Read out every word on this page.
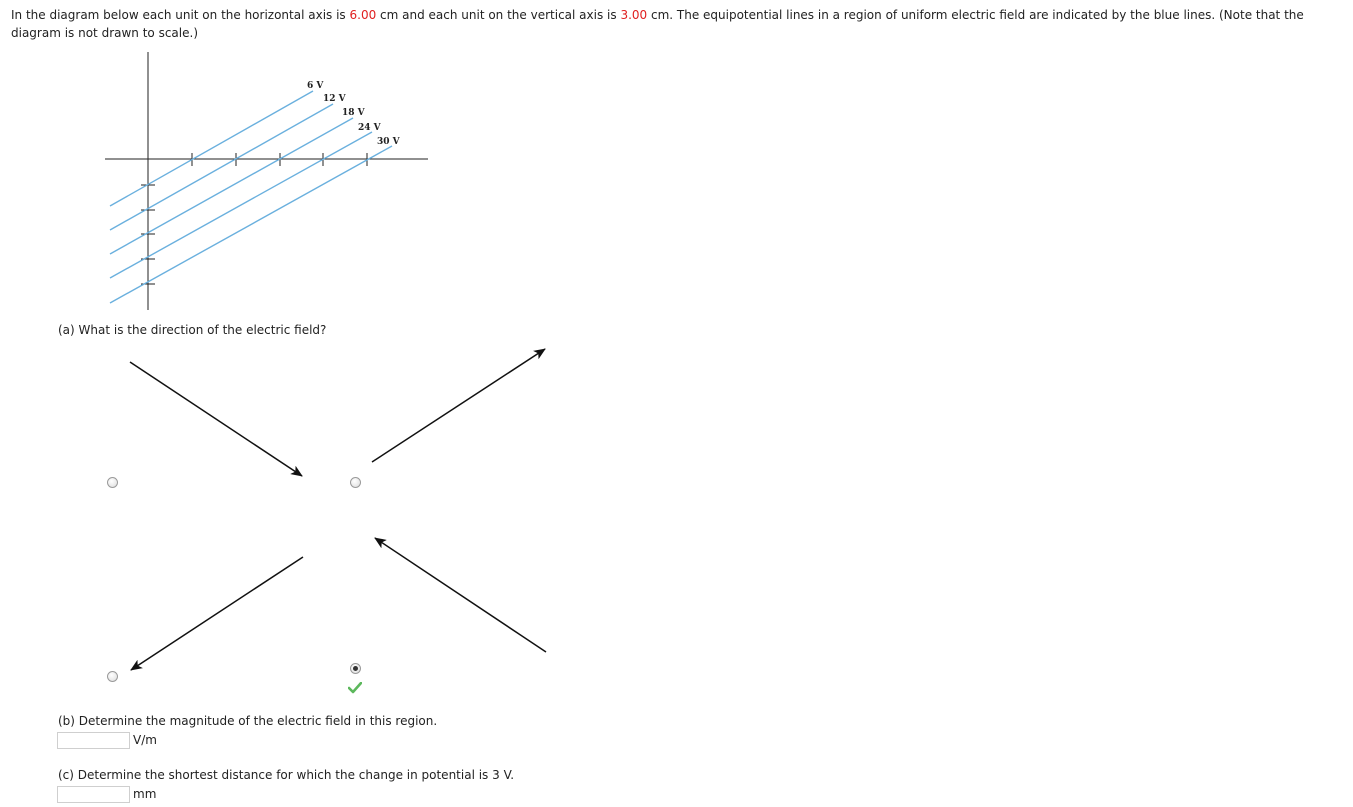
In the diagram below each unit on the horizontal axis is 6.00 cm and each unit on the vertical axis is 3.00 cm. The equipotential lines in a region of uniform electric field are indicated by the blue lines. (Note that the diagram is not drawn to scale.)

6 V
12 V
18 V
24 V
30 V

(a) What is the direction of the electric field?

(b) Determine the magnitude of the electric field in this region.

V/m

(c) Determine the shortest distance for which the change in potential is 3 V.

mm
